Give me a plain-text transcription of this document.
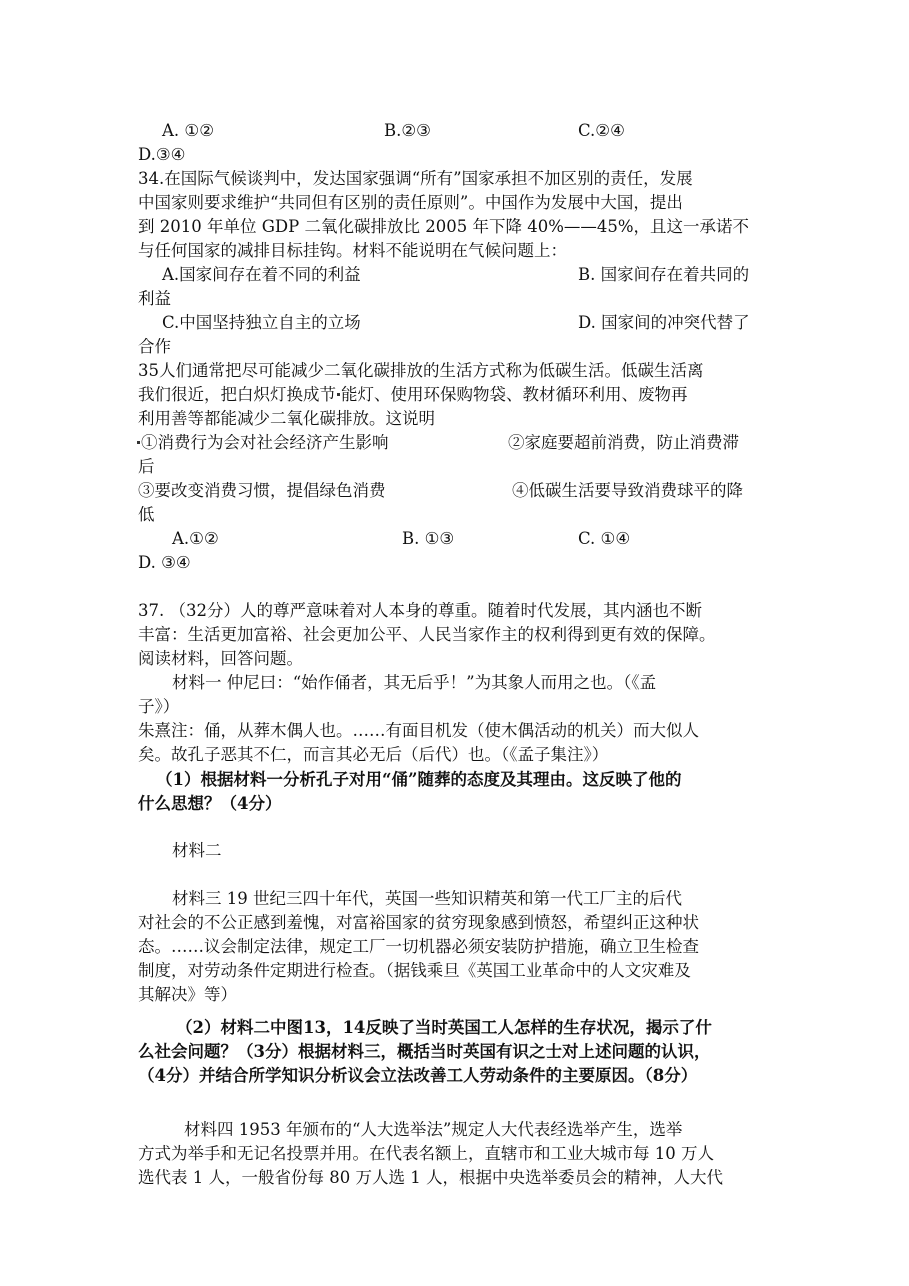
A. ①②	B.②③	C.②④
D.③④
34.在国际气候谈判中，发达国家强调“所有”国家承担不加区别的责任，发展
中国家则要求维护“共同但有区别的责任原则”。中国作为发展中大国，提出
到 2010 年单位 GDP 二氧化碳排放比 2005 年下降 40%——45%，且这一承诺不
与任何国家的减排目标挂钩。材料不能说明在气候问题上：
A.国家间存在着不同的利益	B. 国家间存在着共同的
利益
C.中国坚持独立自主的立场	D. 国家间的冲突代替了
合作
35人们通常把尽可能减少二氧化碳排放的生活方式称为低碳生活。低碳生活离
我们很近，把白炽灯换成节 能灯、使用环保购物袋、教材循环利用、废物再
利用善等都能减少二氧化碳排放。这说明
①消费行为会对社会经济产生影响	②家庭要超前消费，防止消费滞
后
③要改变消费习惯，提倡绿色消费	④低碳生活要导致消费球平的降
低
A.①②	B. ①③	C. ①④
D. ③④
37. （32分）人的尊严意味着对人本身的尊重。随着时代发展，其内涵也不断
丰富：生活更加富裕、社会更加公平、人民当家作主的权利得到更有效的保障。
阅读材料，回答问题。
材料一 仲尼曰：“始作俑者，其无后乎！”为其象人而用之也。（《孟
子》）
朱熹注：俑，从葬木偶人也。……有面目机发（使木偶活动的机关）而大似人
矣。故孔子恶其不仁，而言其必无后（后代）也。（《孟子集注》）
（1）根据材料一分析孔子对用“俑”随葬的态度及其理由。这反映了他的
什么思想？（4分）
材料二
材料三 19 世纪三四十年代，英国一些知识精英和第一代工厂主的后代
对社会的不公正感到羞愧，对富裕国家的贫穷现象感到愤怒，希望纠正这种状
态。……议会制定法律，规定工厂一切机器必须安装防护措施，确立卫生检查
制度，对劳动条件定期进行检查。（据钱乘旦《英国工业革命中的人文灾难及
其解决》等）
（2）材料二中图13，14反映了当时英国工人怎样的生存状况，揭示了什
么社会问题？（3分）根据材料三，概括当时英国有识之士对上述问题的认识，
（4分）并结合所学知识分析议会立法改善工人劳动条件的主要原因。（8分）
材料四 1953 年颁布的“人大选举法”规定人大代表经选举产生，选举
方式为举手和无记名投票并用。在代表名额上，直辖市和工业大城市每 10 万人
选代表 1 人，一般省份每 80 万人选 1 人，根据中央选举委员会的精神，人大代
